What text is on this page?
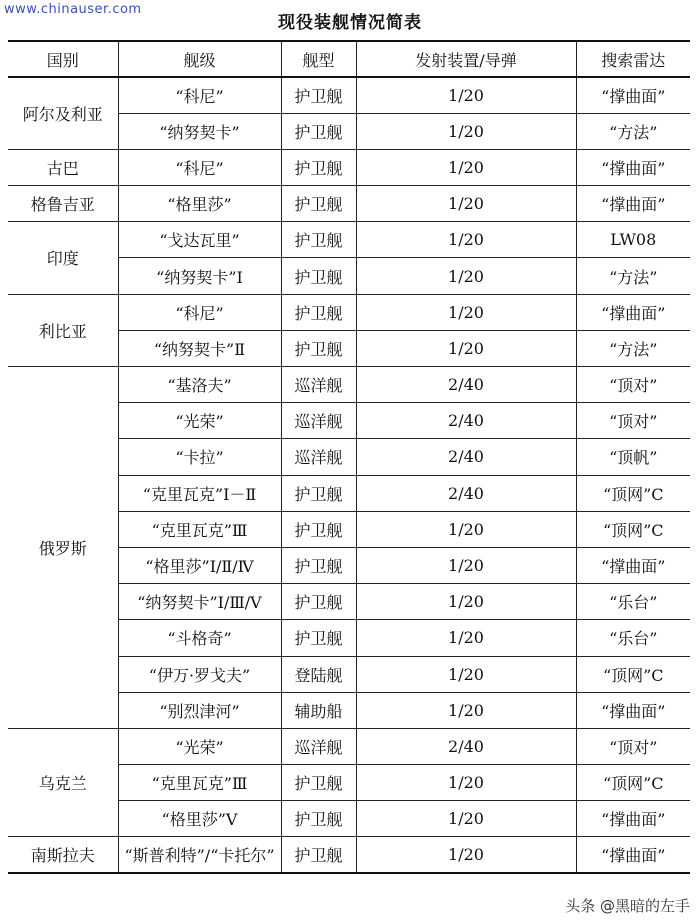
www.chinauser.com
现役装舰情况简表
国别	舰级	舰型	发射装置/导弹	搜索雷达
阿尔及利亚	“科尼”	护卫舰	1/20	“撑曲面”
	“纳努契卡”	护卫舰	1/20	“方法”
古巴	“科尼”	护卫舰	1/20	“撑曲面”
格鲁吉亚	“格里莎”	护卫舰	1/20	“撑曲面”
印度	“戈达瓦里”	护卫舰	1/20	LW08
	“纳努契卡”Ⅰ	护卫舰	1/20	“方法”
利比亚	“科尼”	护卫舰	1/20	“撑曲面”
	“纳努契卡”Ⅱ	护卫舰	1/20	“方法”
俄罗斯	“基洛夫”	巡洋舰	2/40	“顶对”
	“光荣”	巡洋舰	2/40	“顶对”
	“卡拉”	巡洋舰	2/40	“顶帆”
	“克里瓦克”Ⅰ－Ⅱ	护卫舰	2/40	“顶网”C
	“克里瓦克”Ⅲ	护卫舰	1/20	“顶网”C
	“格里莎”Ⅰ/Ⅱ/Ⅳ	护卫舰	1/20	“撑曲面”
	“纳努契卡”Ⅰ/Ⅲ/Ⅴ	护卫舰	1/20	“乐台”
	“斗格奇”	护卫舰	1/20	“乐台”
	“伊万·罗戈夫”	登陆舰	1/20	“顶网”C
	“别烈津河”	辅助船	1/20	“撑曲面”
乌克兰	“光荣”	巡洋舰	2/40	“顶对”
	“克里瓦克”Ⅲ	护卫舰	1/20	“顶网”C
	“格里莎”Ⅴ	护卫舰	1/20	“撑曲面”
南斯拉夫	“斯普利特”/“卡托尔”	护卫舰	1/20	“撑曲面”
头条 @黑暗的左手
